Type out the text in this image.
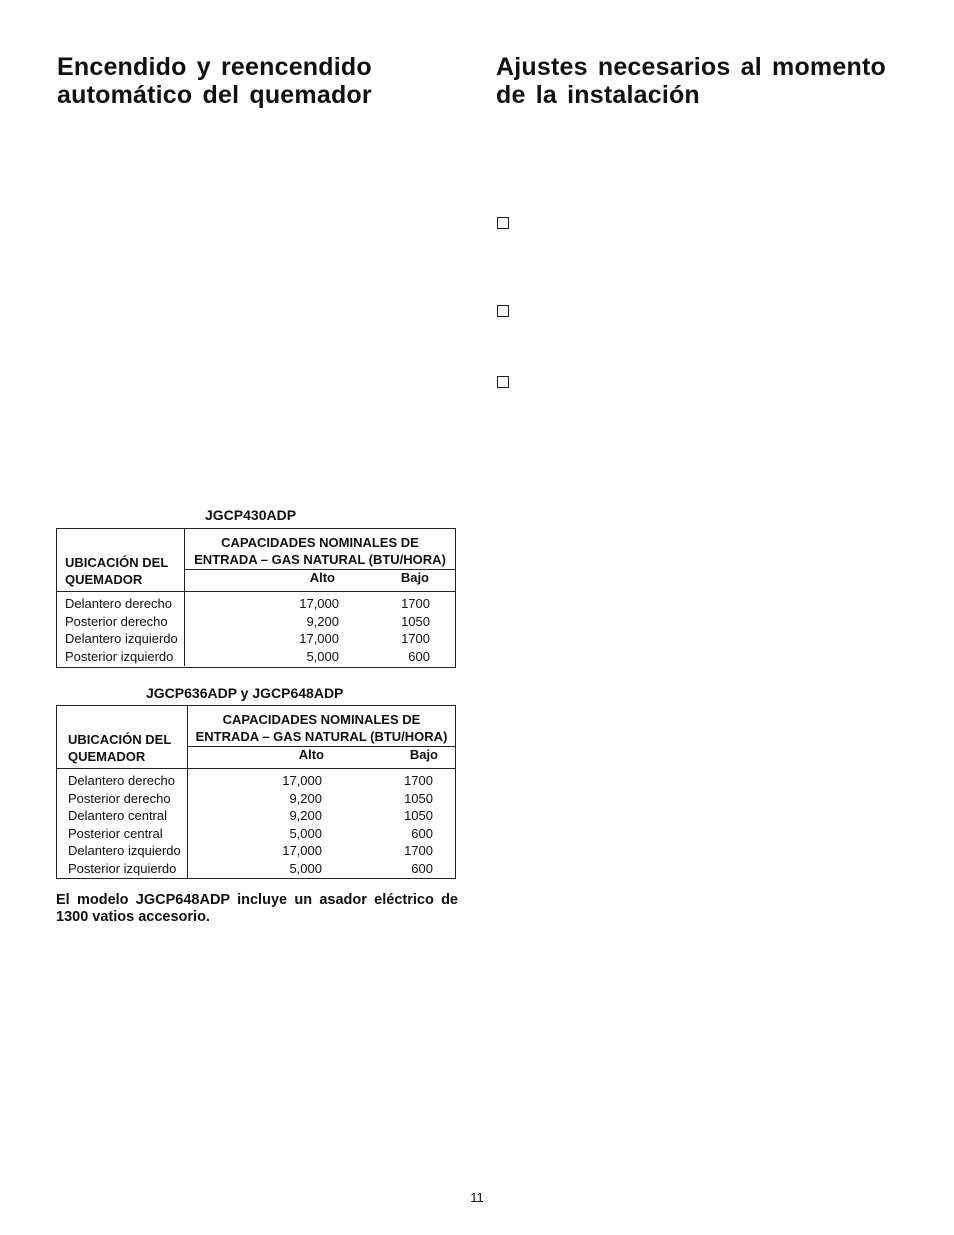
Encendido y reencendido
automático del quemador
Ajustes necesarios al momento
de la instalación
JGCP430ADP
UBICACIÓN DEL
QUEMADOR
CAPACIDADES NOMINALES DE
ENTRADA – GAS NATURAL (BTU/HORA)
Alto	Bajo
Delantero derecho	17,000	1700
Posterior derecho	9,200	1050
Delantero izquierdo	17,000	1700
Posterior izquierdo	5,000	600
JGCP636ADP y JGCP648ADP
UBICACIÓN DEL
QUEMADOR
CAPACIDADES NOMINALES DE
ENTRADA – GAS NATURAL (BTU/HORA)
Alto	Bajo
Delantero derecho	17,000	1700
Posterior derecho	9,200	1050
Delantero central	9,200	1050
Posterior central	5,000	600
Delantero izquierdo	17,000	1700
Posterior izquierdo	5,000	600

El modelo JGCP648ADP incluye un asador eléctrico de 1300 vatios accesorio.

11
